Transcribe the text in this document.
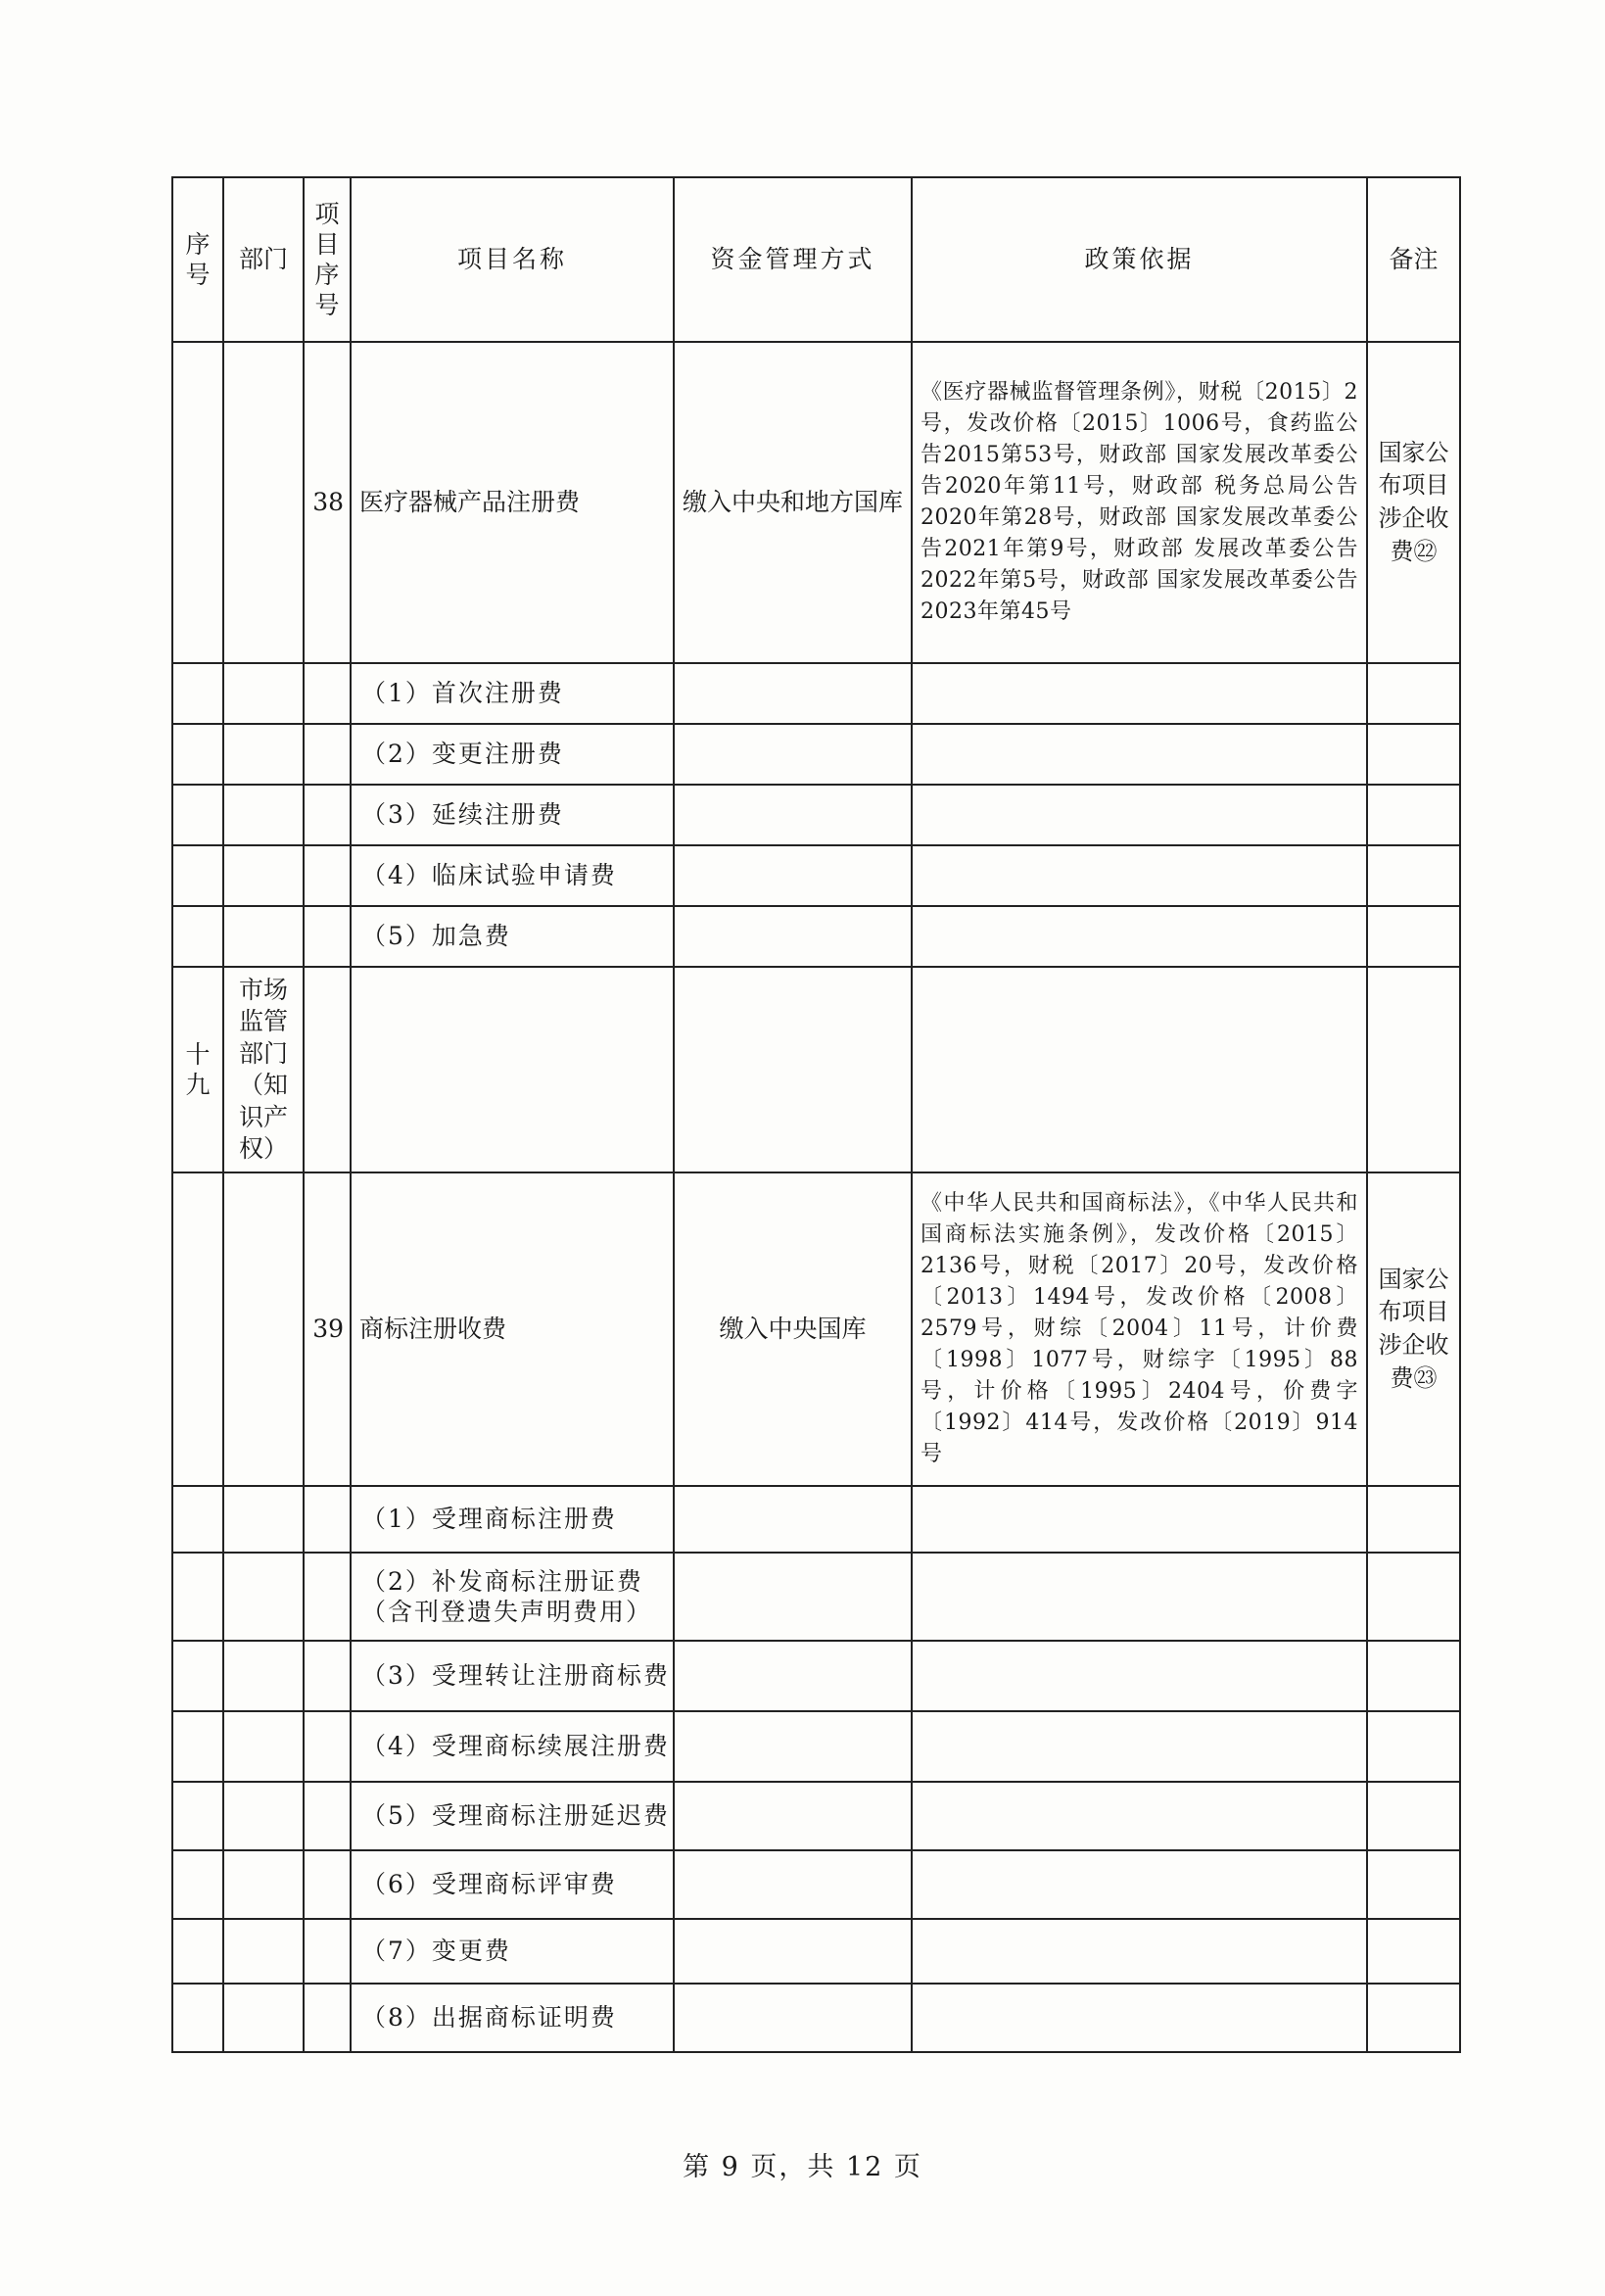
序
号	部门	项
目
序
号	项目名称	资金管理方式	政策依据	备注
		38	医疗器械产品注册费	缴入中央和地方国库	《医疗器械监督管理条例》，财税〔2015〕2号，发改价格〔2015〕1006号，食药监公告2015第53号，财政部 国家发展改革委公告2020年第11号，财政部 税务总局公告2020年第28号，财政部 国家发展改革委公告2021年第9号，财政部 发展改革委公告2022年第5号，财政部 国家发展改革委公告2023年第45号	国家公布项目涉企收费㉒
			（1）首次注册费			
			（2）变更注册费			
			（3）延续注册费			
			（4）临床试验申请费			
			（5）加急费			

十
九	市场监管部门（知识产权）					
		39	商标注册收费	缴入中央国库	《中华人民共和国商标法》，《中华人民共和国商标法实施条例》，发改价格〔2015〕2136号，财税〔2017〕20号，发改价格〔2013〕1494号，发改价格〔2008〕2579号，财综〔2004〕11号，计价费〔1998〕1077号，财综字〔1995〕88号，计价格〔1995〕2404号，价费字〔1992〕414号，发改价格〔2019〕914号	国家公布项目涉企收费㉓
			（1）受理商标注册费			
			（2）补发商标注册证费（含刊登遗失声明费用）			
			（3）受理转让注册商标费			
			（4）受理商标续展注册费			
			（5）受理商标注册延迟费			
			（6）受理商标评审费			
			（7）变更费			
			（8）出据商标证明费			
第 9 页，共 12 页
